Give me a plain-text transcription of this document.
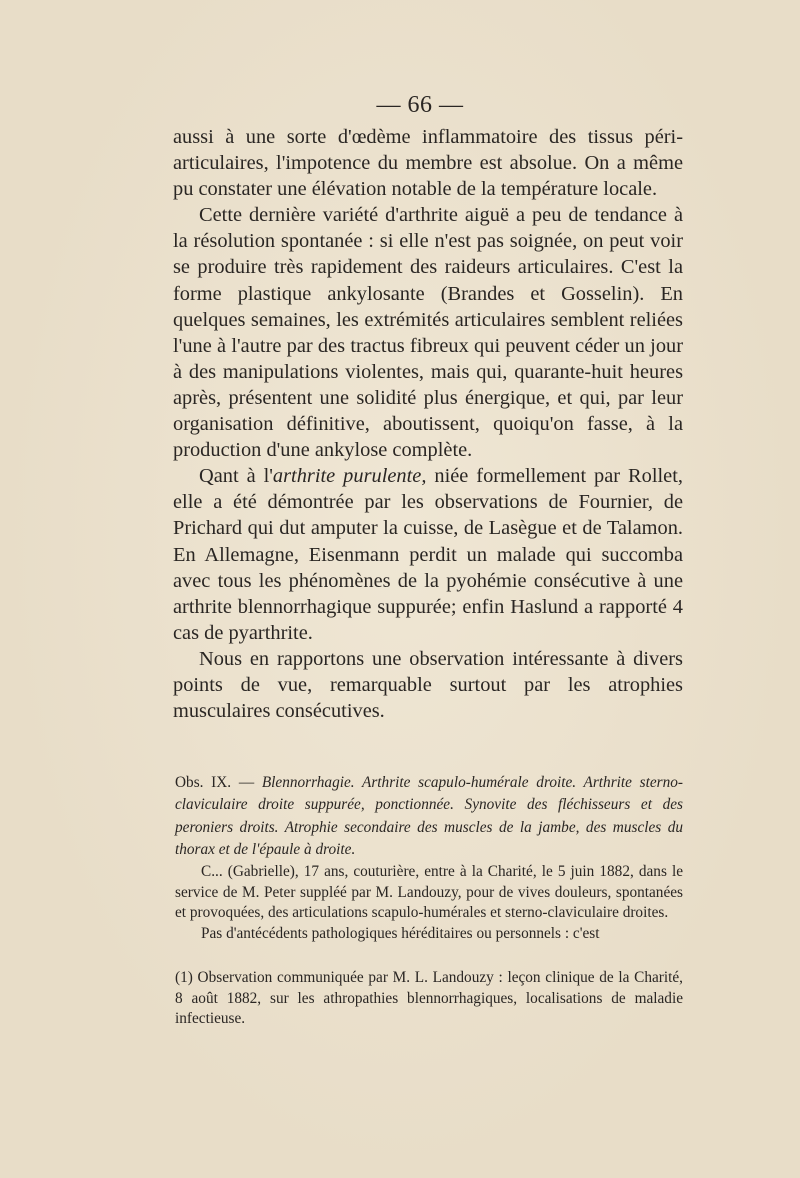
— 66 —

aussi à une sorte d'œdème inflammatoire des tissus péri-articulaires, l'impotence du membre est absolue. On a même pu constater une élévation notable de la température locale.

Cette dernière variété d'arthrite aiguë a peu de tendance à la résolution spontanée : si elle n'est pas soignée, on peut voir se produire très rapidement des raideurs articulaires. C'est la forme plastique ankylosante (Brandes et Gosselin). En quelques semaines, les extrémités articulaires semblent reliées l'une à l'autre par des tractus fibreux qui peuvent céder un jour à des manipulations violentes, mais qui, quarante-huit heures après, présentent une solidité plus énergique, et qui, par leur organisation définitive, aboutissent, quoiqu'on fasse, à la production d'une ankylose complète.

Qant à l'arthrite purulente, niée formellement par Rollet, elle a été démontrée par les observations de Fournier, de Prichard qui dut amputer la cuisse, de Lasègue et de Talamon. En Allemagne, Eisenmann perdit un malade qui succomba avec tous les phénomènes de la pyohémie consécutive à une arthrite blennorrhagique suppurée; enfin Haslund a rapporté 4 cas de pyarthrite.

Nous en rapportons une observation intéressante à divers points de vue, remarquable surtout par les atrophies musculaires consécutives.

Obs. IX. — Blennorrhagie. Arthrite scapulo-humérale droite. Arthrite sterno-claviculaire droite suppurée, ponctionnée. Synovite des fléchisseurs et des peroniers droits. Atrophie secondaire des muscles de la jambe, des muscles du thorax et de l'épaule à droite.

C... (Gabrielle), 17 ans, couturière, entre à la Charité, le 5 juin 1882, dans le service de M. Peter suppléé par M. Landouzy, pour de vives douleurs, spontanées et provoquées, des articulations scapulo-humérales et sterno-claviculaire droites.

Pas d'antécédents pathologiques héréditaires ou personnels : c'est

(1) Observation communiquée par M. L. Landouzy : leçon clinique de la Charité, 8 août 1882, sur les athropathies blennorrhagiques, localisations de maladie infectieuse.
